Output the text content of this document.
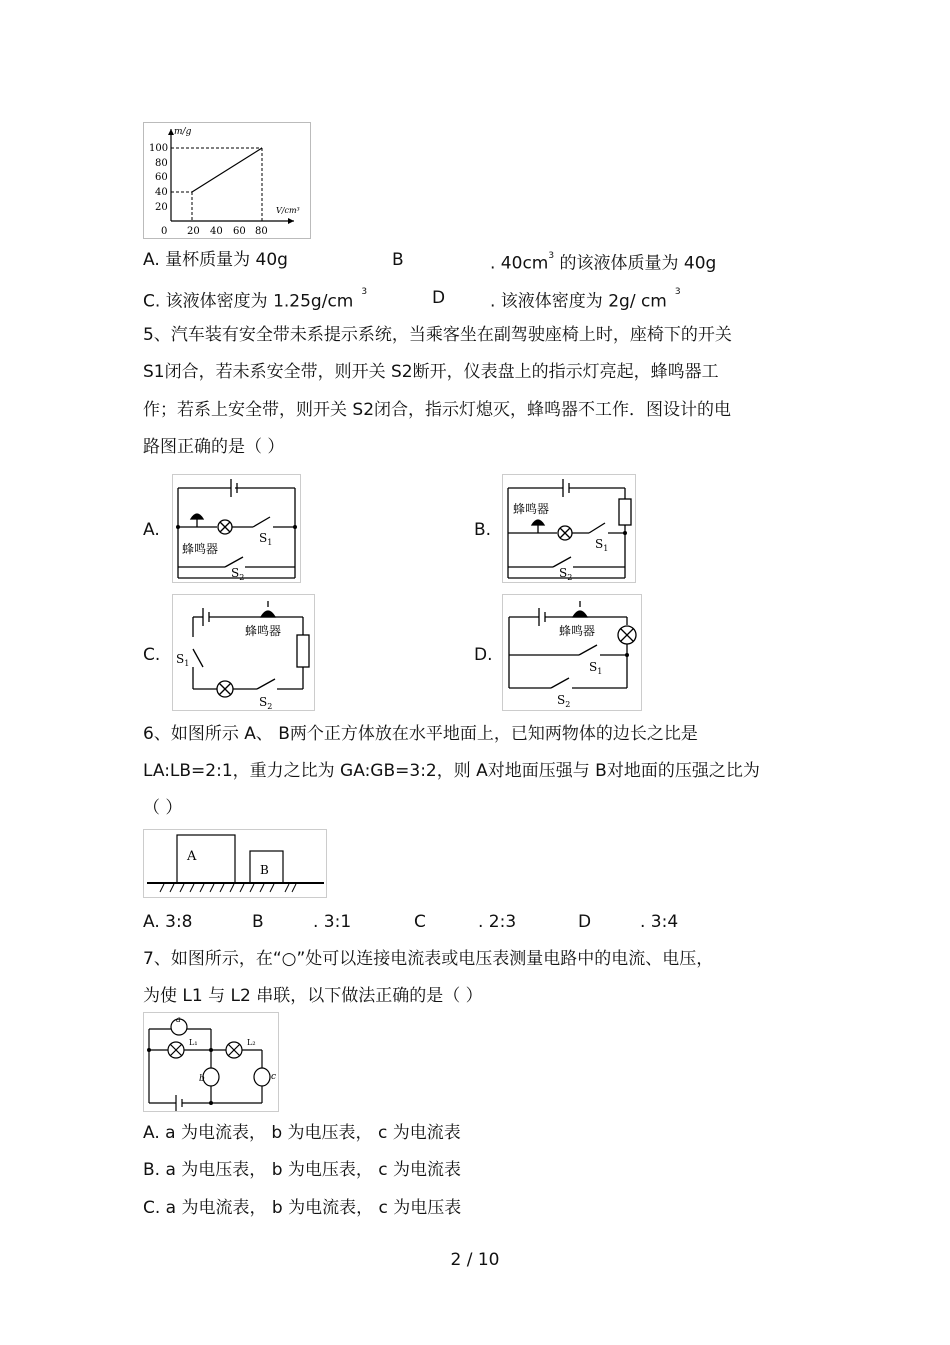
m/g
V/cm³
100
80
60
40
20
0 20 40 60 80
A. 量杯质量为 40g	B	. $40cm^3$ 的该液体质量为 40g
C. 该液体密度为 1.25g/cm $^3$	D	. 该液体密度为 2g/ cm $^3$
5、汽车装有安全带未系提示系统，当乘客坐在副驾驶座椅上时，座椅下的开关
S1闭合，若未系安全带，则开关 S2断开，仪表盘上的指示灯亮起，蜂鸣器工
作；若系上安全带，则开关 S2闭合，指示灯熄灭，蜂鸣器不工作．图设计的电
路图正确的是（ ）
A.	B.
C.	D.
蜂鸣器
$S_1$
$S_2$
蜂鸣器
$S_1$
$S_2$
蜂鸣器
$S_1$
$S_2$
蜂鸣器
$S_1$
$S_2$
6、如图所示 A、 B两个正方体放在水平地面上，已知两物体的边长之比是
LA:LB=2:1，重力之比为 GA:GB=3:2，则 A对地面压强与 B对地面的压强之比为
（ ）
A
B
A. 3:8	B	. 3:1	C	. 2:3	D	. 3:4
7、如图所示，在“○”处可以连接电流表或电压表测量电路中的电流、电压，
为使 L1 与 L2 串联，以下做法正确的是（ ）
a
b	c
L₁	L₂
A. a 为电流表， b 为电压表， c 为电流表
B. a 为电压表， b 为电压表， c 为电流表
C. a 为电流表， b 为电流表， c 为电压表
2 / 10
